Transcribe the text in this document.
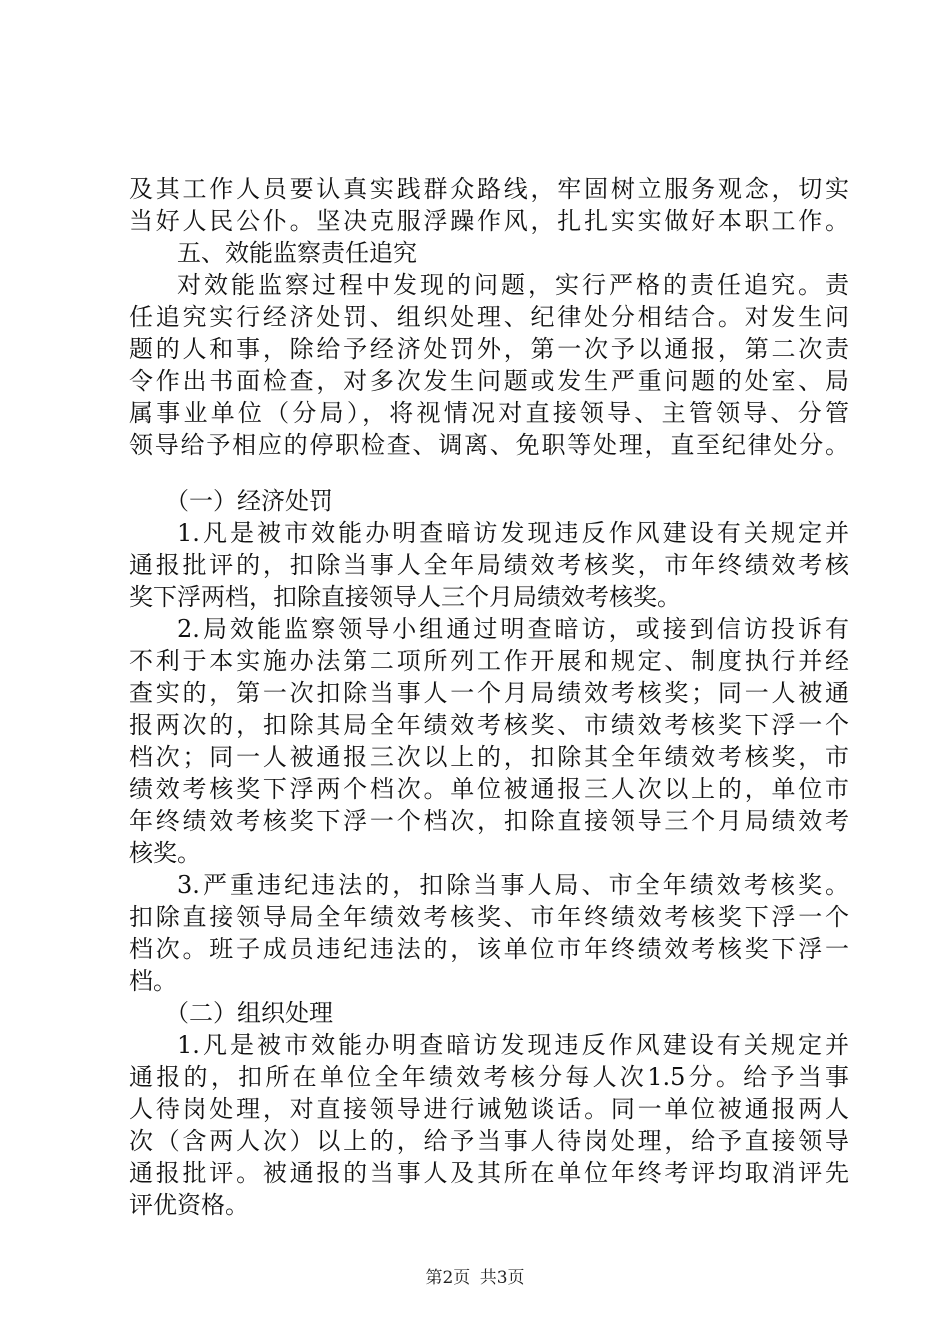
及其工作人员要认真实践群众路线，牢固树立服务观念，切实
当好人民公仆。坚决克服浮躁作风，扎扎实实做好本职工作。
五、效能监察责任追究
对效能监察过程中发现的问题，实行严格的责任追究。责
任追究实行经济处罚、组织处理、纪律处分相结合。对发生问
题的人和事，除给予经济处罚外，第一次予以通报，第二次责
令作出书面检查，对多次发生问题或发生严重问题的处室、局
属事业单位（分局），将视情况对直接领导、主管领导、分管
领导给予相应的停职检查、调离、免职等处理，直至纪律处分。
（一）经济处罚
1.凡是被市效能办明查暗访发现违反作风建设有关规定并
通报批评的，扣除当事人全年局绩效考核奖，市年终绩效考核
奖下浮两档，扣除直接领导人三个月局绩效考核奖。
2.局效能监察领导小组通过明查暗访，或接到信访投诉有
不利于本实施办法第二项所列工作开展和规定、制度执行并经
查实的，第一次扣除当事人一个月局绩效考核奖；同一人被通
报两次的，扣除其局全年绩效考核奖、市绩效考核奖下浮一个
档次；同一人被通报三次以上的，扣除其全年绩效考核奖，市
绩效考核奖下浮两个档次。单位被通报三人次以上的，单位市
年终绩效考核奖下浮一个档次，扣除直接领导三个月局绩效考
核奖。
3.严重违纪违法的，扣除当事人局、市全年绩效考核奖。
扣除直接领导局全年绩效考核奖、市年终绩效考核奖下浮一个
档次。班子成员违纪违法的，该单位市年终绩效考核奖下浮一
档。
（二）组织处理
1.凡是被市效能办明查暗访发现违反作风建设有关规定并
通报的，扣所在单位全年绩效考核分每人次1.5分。给予当事
人待岗处理，对直接领导进行诫勉谈话。同一单位被通报两人
次（含两人次）以上的，给予当事人待岗处理，给予直接领导
通报批评。被通报的当事人及其所在单位年终考评均取消评先
评优资格。
第2页 共3页
